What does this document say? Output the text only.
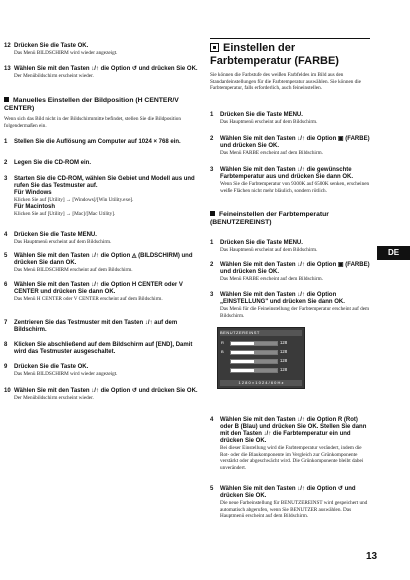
12 Drücken Sie die Taste OK.
Das Menü BILDSCHIRM wird wieder angezeigt.
13 Wählen Sie mit den Tasten ↓/↑ die Option ↺ und drücken Sie OK.
Der Menübildschirm erscheint wieder.
Manuelles Einstellen der Bildposition (H CENTER/V CENTER)
Wenn sich das Bild nicht in der Bildschirmmitte befindet, stellen Sie die Bildposition folgendermaßen ein.
1 Stellen Sie die Auflösung am Computer auf 1024 × 768 ein.
2 Legen Sie die CD-ROM ein.
3 Starten Sie die CD-ROM, wählen Sie Gebiet und Modell aus und rufen Sie das Testmuster auf.
Für Windows
Klicken Sie auf [Utility] → [Windows]/[Win Utility.exe].
Für Macintosh
Klicken Sie auf [Utility] → [Mac]/[Mac Utility].
4 Drücken Sie die Taste MENU.
Das Hauptmenü erscheint auf dem Bildschirm.
5 Wählen Sie mit den Tasten ↓/↑ die Option ◬ (BILDSCHIRM) und drücken Sie dann OK.
Das Menü BILDSCHIRM erscheint auf dem Bildschirm.
6 Wählen Sie mit den Tasten ↓/↑ die Option H CENTER oder V CENTER und drücken Sie dann OK.
Das Menü H CENTER oder V CENTER erscheint auf dem Bildschirm.
7 Zentrieren Sie das Testmuster mit den Tasten ↓/↑ auf dem Bildschirm.
8 Klicken Sie abschließend auf dem Bildschirm auf [END], Damit wird das Testmuster ausgeschaltet.
9 Drücken Sie die Taste OK.
Das Menü BILDSCHIRM wird wieder angezeigt.
10 Wählen Sie mit den Tasten ↓/↑ die Option ↺ und drücken Sie OK.
Der Menübildschirm erscheint wieder.
Einstellen der Farbtemperatur (FARBE)
Sie können die Farbstufe des weißen Farbfeldes im Bild aus den Standardeinstellungen für die Farbtemperatur auswählen. Sie können die Farbtemperatur, falls erforderlich, auch feineinstellen.
1 Drücken Sie die Taste MENU.
Das Hauptmenü erscheint auf dem Bildschirm.
2 Wählen Sie mit den Tasten ↓/↑ die Option ▣ (FARBE) und drücken Sie OK.
Das Menü FARBE erscheint auf dem Bildschirm.
3 Wählen Sie mit den Tasten ↓/↑ die gewünschte Farbtemperatur aus und drücken Sie dann OK.
Wenn Sie die Farbtemperatur von 9300K auf 6500K senken, erscheinen weiße Flächen nicht mehr bläulich, sondern rötlich.
Feineinstellen der Farbtemperatur (BENUTZEREINST)
1 Drücken Sie die Taste MENU.
Das Hauptmenü erscheint auf dem Bildschirm.
2 Wählen Sie mit den Tasten ↓/↑ die Option ▣ (FARBE) und drücken Sie OK.
Das Menü FARBE erscheint auf dem Bildschirm.
3 Wählen Sie mit den Tasten ↓/↑ die Option „EINSTELLUNG" und drücken Sie dann OK.
Das Menü für die Feineinstellung der Farbtemperatur erscheint auf dem Bildschirm.
BENUTZEREINST
R	128
B	128
128
128
1 2 8 0 × 1 0 2 4 / 6 0 H z
4 Wählen Sie mit den Tasten ↓/↑ die Option R (Rot) oder B (Blau) und drücken Sie OK. Stellen Sie dann mit den Tasten ↓/↑ die Farbtemperatur ein und drücken Sie OK.
Bei dieser Einstellung wird die Farbtemperatur verändert, indem die Rot- oder die Blaukomponente im Vergleich zur Grünkomponente verstärkt oder abgeschwächt wird. Die Grünkomponente bleibt dabei unverändert.
5 Wählen Sie mit den Tasten ↓/↑ die Option ↺ und drücken Sie OK.
Die neue Farbeinstellung für BENUTZEREINST wird gespeichert und automatisch abgerufen, wenn Sie BENUTZER auswählen. Das Hauptmenü erscheint auf dem Bildschirm.
DE
13
